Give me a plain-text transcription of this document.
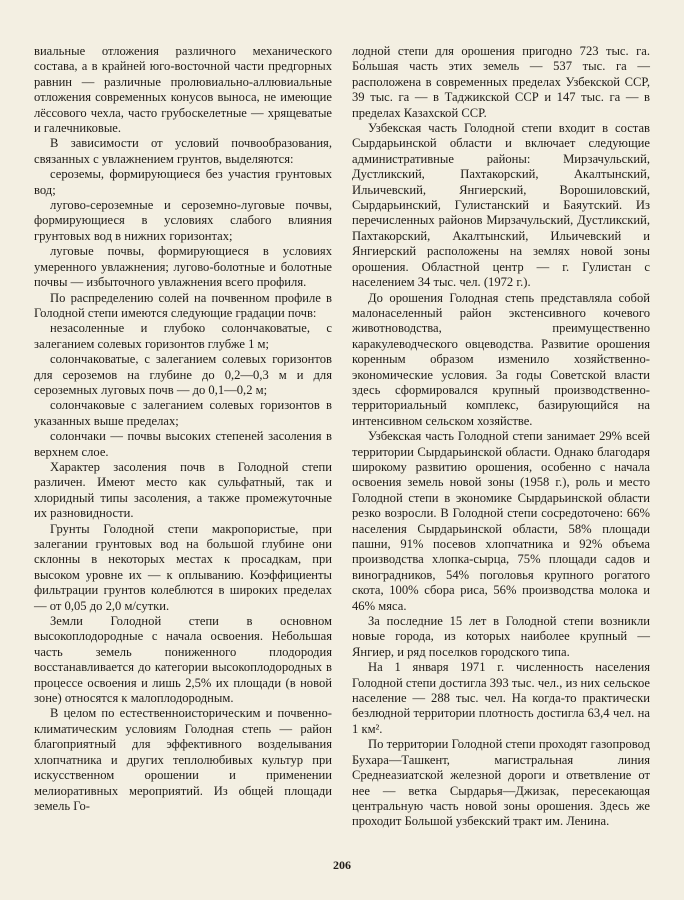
виальные отложения различного механического состава, а в крайней юго-восточной части предгорных равнин — различные пролювиально-аллювиальные отложения современных конусов выноса, не имеющие лёссового чехла, часто грубоскелетные — хрящеватые и галечниковые.

В зависимости от условий почвообразования, связанных с увлажнением грунтов, выделяются:

сероземы, формирующиеся без участия грунтовых вод;

лугово-сероземные и сероземно-луговые почвы, формирующиеся в условиях слабого влияния грунтовых вод в нижних горизонтах;

луговые почвы, формирующиеся в условиях умеренного увлажнения; лугово-болотные и болотные почвы — избыточного увлажнения всего профиля.

По распределению солей на почвенном профиле в Голодной степи имеются следующие градации почв:

незасоленные и глубоко солончаковатые, с залеганием солевых горизонтов глубже 1 м;

солончаковатые, с залеганием солевых горизонтов для сероземов на глубине до 0,2—0,3 м и для сероземных луговых почв — до 0,1—0,2 м;

солончаковые с залеганием солевых горизонтов в указанных выше пределах;

солончаки — почвы высоких степеней засоления в верхнем слое.

Характер засоления почв в Голодной степи различен. Имеют место как сульфатный, так и хлоридный типы засоления, а также промежуточные их разновидности.

Грунты Голодной степи макропористые, при залегании грунтовых вод на большой глубине они склонны в некоторых местах к просадкам, при высоком уровне их — к оплыванию. Коэффициенты фильтрации грунтов колеблются в широких пределах — от 0,05 до 2,0 м/сутки.

Земли Голодной степи в основном высокоплодородные с начала освоения. Небольшая часть земель пониженного плодородия восстанавливается до категории высокоплодородных в процессе освоения и лишь 2,5% их площади (в новой зоне) относятся к малоплодородным.

В целом по естественноисторическим и почвенно-климатическим условиям Голодная степь — район благоприятный для эффективного возделывания хлопчатника и других теплолюбивых культур при искусственном орошении и применении мелиоративных мероприятий. Из общей площади земель Го-

лодной степи для орошения пригодно 723 тыс. га. Бо́льшая часть этих земель — 537 тыс. га — расположена в современных пределах Узбекской ССР, 39 тыс. га — в Таджикской ССР и 147 тыс. га — в пределах Казахской ССР.

Узбекская часть Голодной степи входит в состав Сырдарьинской области и включает следующие административные районы: Мирзачульский, Дустликский, Пахтакорский, Акалтынский, Ильичевский, Янгиерский, Ворошиловский, Сырдарьинский, Гулистанский и Баяутский. Из перечисленных районов Мирзачульский, Дустликский, Пахтакорский, Акалтынский, Ильичевский и Янгиерский расположены на землях новой зоны орошения. Областной центр — г. Гулистан с населением 34 тыс. чел. (1972 г.).

До орошения Голодная степь представляла собой малонаселенный район экстенсивного кочевого животноводства, преимущественно каракулеводческого овцеводства. Развитие орошения коренным образом изменило хозяйственно-экономические условия. За годы Советской власти здесь сформировался крупный производственно-территориальный комплекс, базирующийся на интенсивном сельском хозяйстве.

Узбекская часть Голодной степи занимает 29% всей территории Сырдарьинской области. Однако благодаря широкому развитию орошения, особенно с начала освоения земель новой зоны (1958 г.), роль и место Голодной степи в экономике Сырдарьинской области резко возросли. В Голодной степи сосредоточено: 66% населения Сырдарьинской области, 58% площади пашни, 91% посевов хлопчатника и 92% объема производства хлопка-сырца, 75% площади садов и виноградников, 54% поголовья крупного рогатого скота, 100% сбора риса, 56% производства молока и 46% мяса.

За последние 15 лет в Голодной степи возникли новые города, из которых наиболее крупный — Янгиер, и ряд поселков городского типа.

На 1 января 1971 г. численность населения Голодной степи достигла 393 тыс. чел., из них сельское население — 288 тыс. чел. На когда-то практически безлюдной территории плотность достигла 63,4 чел. на 1 км².

По территории Голодной степи проходят газопровод Бухара—Ташкент, магистральная линия Среднеазиатской железной дороги и ответвление от нее — ветка Сырдарья—Джизак, пересекающая центральную часть новой зоны орошения. Здесь же проходит Большой узбекский тракт им. Ленина.

206
